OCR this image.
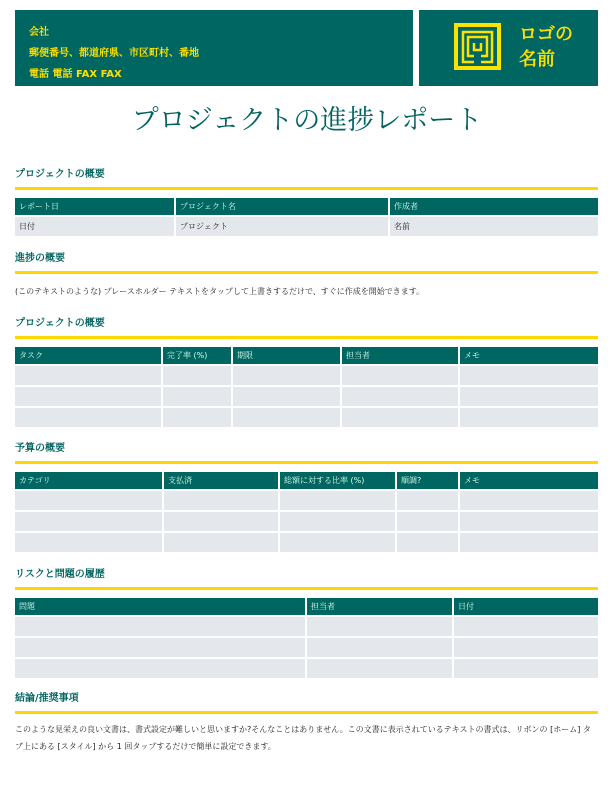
会社
郵便番号、都道府県、市区町村、番地
電話 電話 FAX FAX
ロゴの
名前
プロジェクトの進捗レポート
プロジェクトの概要
レポート日	プロジェクト名	作成者
日付	プロジェクト	名前
進捗の概要

(このテキストのような) プレースホルダー テキストをタップして上書きするだけで、すぐに作成を開始できます。

プロジェクトの概要
タスク	完了率 (%)	期限	担当者	メモ

予算の概要
カテゴリ	支払済	総額に対する比率 (%)	順調?	メモ

リスクと問題の履歴
問題	担当者	日付

結論/推奨事項

このような見栄えの良い文書は、書式設定が難しいと思いますか?そんなことはありません。この文書に表示されているテキストの書式は、リボンの [ホーム] タブ上にある [スタイル] から 1 回タップするだけで簡単に設定できます。
